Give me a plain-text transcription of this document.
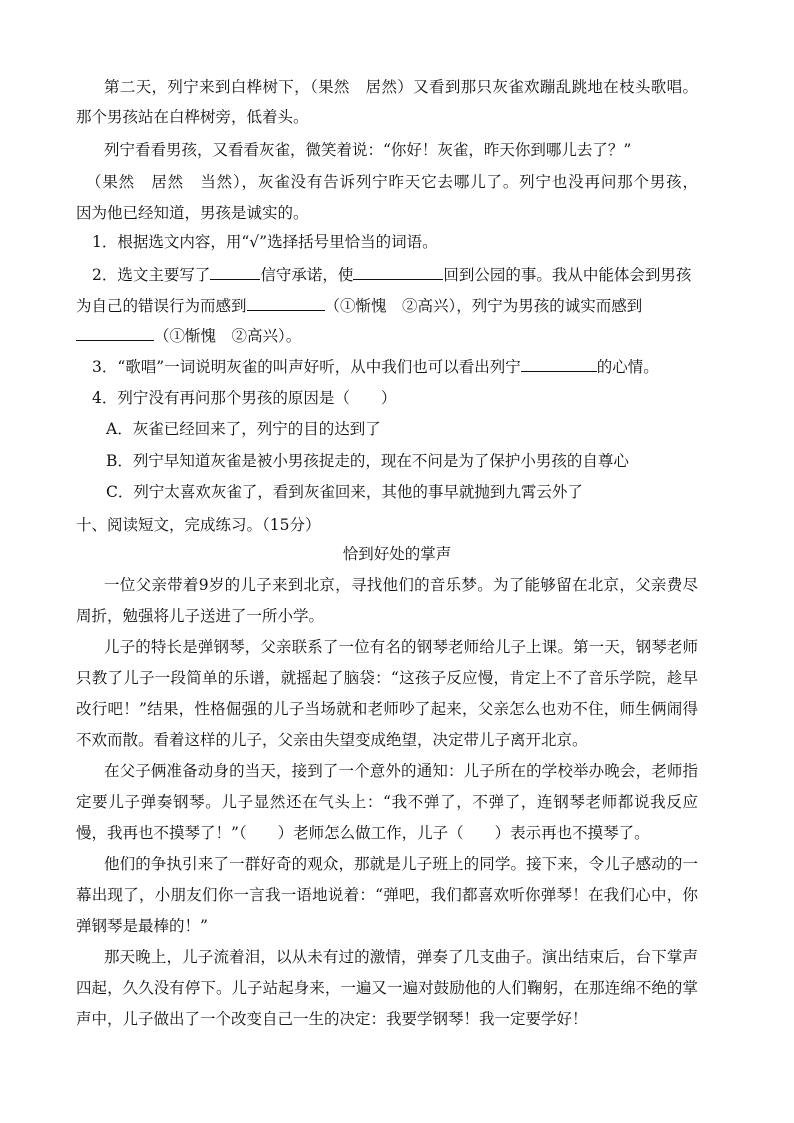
第二天，列宁来到白桦树下，（果然　居然）又看到那只灰雀欢蹦乱跳地在枝头歌唱。
那个男孩站在白桦树旁，低着头。
列宁看看男孩，又看看灰雀，微笑着说：“你好！灰雀，昨天你到哪儿去了？”
（果然　居然　当然），灰雀没有告诉列宁昨天它去哪儿了。列宁也没再问那个男孩，
因为他已经知道，男孩是诚实的。
1．根据选文内容，用“√”选择括号里恰当的词语。
2．选文主要写了	信守承诺，使	回到公园的事。我从中能体会到男孩
为自己的错误行为而感到	（①惭愧　②高兴），列宁为男孩的诚实而感到
（①惭愧　②高兴）。
3．“歌唱”一词说明灰雀的叫声好听，从中我们也可以看出列宁	的心情。
4．列宁没有再问那个男孩的原因是（　　）
A．灰雀已经回来了，列宁的目的达到了
B．列宁早知道灰雀是被小男孩捉走的，现在不问是为了保护小男孩的自尊心
C．列宁太喜欢灰雀了，看到灰雀回来，其他的事早就抛到九霄云外了
十、阅读短文，完成练习。（15分）
恰到好处的掌声
一位父亲带着9岁的儿子来到北京，寻找他们的音乐梦。为了能够留在北京，父亲费尽
周折，勉强将儿子送进了一所小学。
儿子的特长是弹钢琴，父亲联系了一位有名的钢琴老师给儿子上课。第一天，钢琴老师
只教了儿子一段简单的乐谱，就摇起了脑袋：“这孩子反应慢，肯定上不了音乐学院，趁早
改行吧！”结果，性格倔强的儿子当场就和老师吵了起来，父亲怎么也劝不住，师生俩闹得
不欢而散。看着这样的儿子，父亲由失望变成绝望，决定带儿子离开北京。
在父子俩准备动身的当天，接到了一个意外的通知：儿子所在的学校举办晚会，老师指
定要儿子弹奏钢琴。儿子显然还在气头上：“我不弹了，不弹了，连钢琴老师都说我反应
慢，我再也不摸琴了！”（　　）老师怎么做工作，儿子（　　）表示再也不摸琴了。
他们的争执引来了一群好奇的观众，那就是儿子班上的同学。接下来，令儿子感动的一
幕出现了，小朋友们你一言我一语地说着：“弹吧，我们都喜欢听你弹琴！在我们心中，你
弹钢琴是最棒的！”
那天晚上，儿子流着泪，以从未有过的激情，弹奏了几支曲子。演出结束后，台下掌声
四起，久久没有停下。儿子站起身来，一遍又一遍对鼓励他的人们鞠躬，在那连绵不绝的掌
声中，儿子做出了一个改变自己一生的决定：我要学钢琴！我一定要学好！
